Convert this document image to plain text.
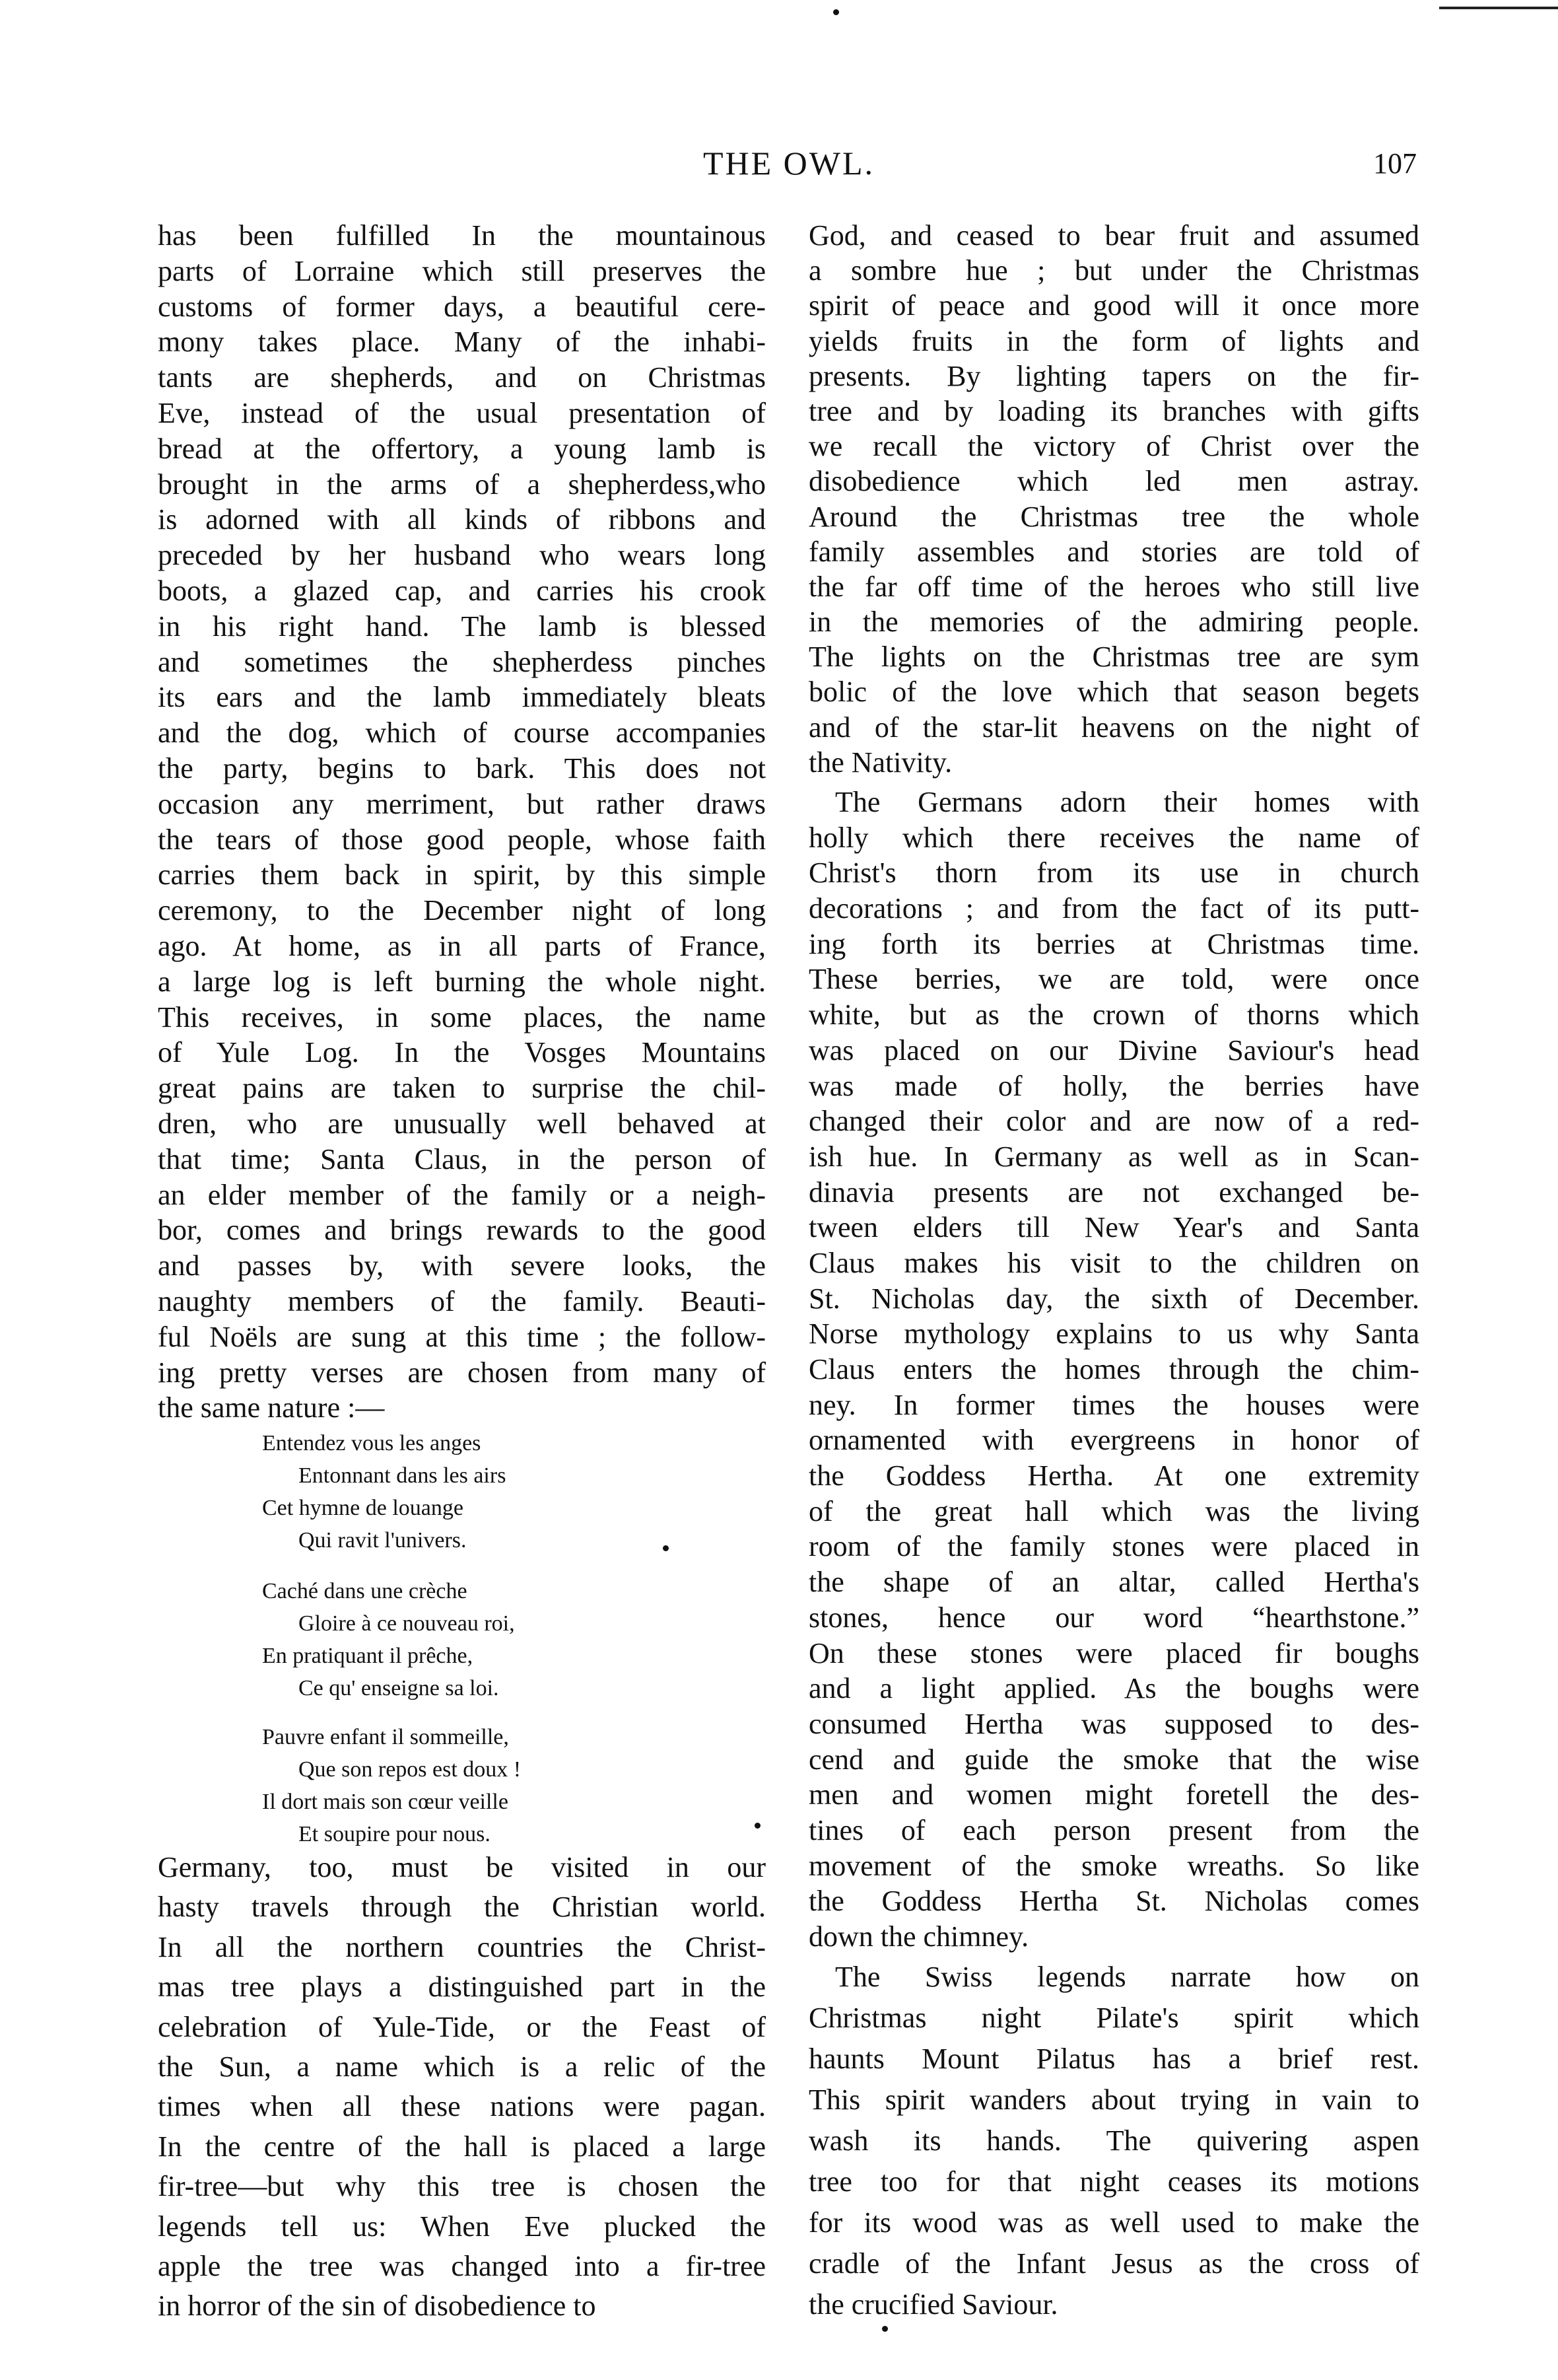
THE OWL.	107
has been fulfilled In the mountainous
parts of Lorraine which still preserves the
customs of former days, a beautiful cere-
mony takes place. Many of the inhabi-
tants are shepherds, and on Christmas
Eve, instead of the usual presentation of
bread at the offertory, a young lamb is
brought in the arms of a shepherdess,who
is adorned with all kinds of ribbons and
preceded by her husband who wears long
boots, a glazed cap, and carries his crook
in his right hand. The lamb is blessed
and sometimes the shepherdess pinches
its ears and the lamb immediately bleats
and the dog, which of course accompanies
the party, begins to bark. This does not
occasion any merriment, but rather draws
the tears of those good people, whose faith
carries them back in spirit, by this simple
ceremony, to the December night of long
ago. At home, as in all parts of France,
a large log is left burning the whole night.
This receives, in some places, the name
of Yule Log. In the Vosges Mountains
great pains are taken to surprise the chil-
dren, who are unusually well behaved at
that time; Santa Claus, in the person of
an elder member of the family or a neigh-
bor, comes and brings rewards to the good
and passes by, with severe looks, the
naughty members of the family. Beauti-
ful Noëls are sung at this time ; the follow-
ing pretty verses are chosen from many of
the same nature :—
Entendez vous les anges
Entonnant dans les airs
Cet hymne de louange
Qui ravit l'univers.
Caché dans une crèche
Gloire à ce nouveau roi,
En pratiquant il prêche,
Ce qu' enseigne sa loi.
Pauvre enfant il sommeille,
Que son repos est doux !
Il dort mais son cœur veille
Et soupire pour nous.
Germany, too, must be visited in our
hasty travels through the Christian world.
In all the northern countries the Christ-
mas tree plays a distinguished part in the
celebration of Yule-Tide, or the Feast of
the Sun, a name which is a relic of the
times when all these nations were pagan.
In the centre of the hall is placed a large
fir-tree—but why this tree is chosen the
legends tell us: When Eve plucked the
apple the tree was changed into a fir-tree
in horror of the sin of disobedience to
God, and ceased to bear fruit and assumed
a sombre hue ; but under the Christmas
spirit of peace and good will it once more
yields fruits in the form of lights and
presents. By lighting tapers on the fir-
tree and by loading its branches with gifts
we recall the victory of Christ over the
disobedience which led men astray.
Around the Christmas tree the whole
family assembles and stories are told of
the far off time of the heroes who still live
in the memories of the admiring people.
The lights on the Christmas tree are sym
bolic of the love which that season begets
and of the star-lit heavens on the night of
the Nativity.
The Germans adorn their homes with
holly which there receives the name of
Christ's thorn from its use in church
decorations ; and from the fact of its putt-
ing forth its berries at Christmas time.
These berries, we are told, were once
white, but as the crown of thorns which
was placed on our Divine Saviour's head
was made of holly, the berries have
changed their color and are now of a red-
ish hue. In Germany as well as in Scan-
dinavia presents are not exchanged be-
tween elders till New Year's and Santa
Claus makes his visit to the children on
St. Nicholas day, the sixth of December.
Norse mythology explains to us why Santa
Claus enters the homes through the chim-
ney. In former times the houses were
ornamented with evergreens in honor of
the Goddess Hertha. At one extremity
of the great hall which was the living
room of the family stones were placed in
the shape of an altar, called Hertha's
stones, hence our word “hearthstone.”
On these stones were placed fir boughs
and a light applied. As the boughs were
consumed Hertha was supposed to des-
cend and guide the smoke that the wise
men and women might foretell the des-
tines of each person present from the
movement of the smoke wreaths. So like
the Goddess Hertha St. Nicholas comes
down the chimney.
The Swiss legends narrate how on
Christmas night Pilate's spirit which
haunts Mount Pilatus has a brief rest.
This spirit wanders about trying in vain to
wash its hands. The quivering aspen
tree too for that night ceases its motions
for its wood was as well used to make the
cradle of the Infant Jesus as the cross of
the crucified Saviour.
